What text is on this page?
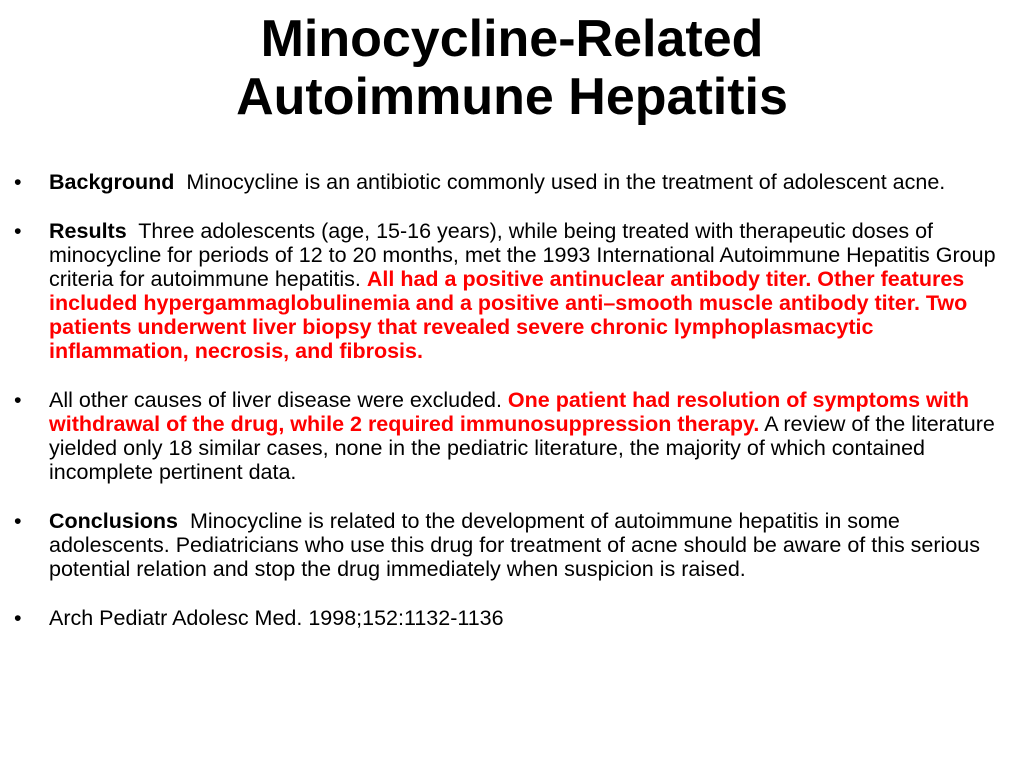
Minocycline-Related
Autoimmune Hepatitis
• Background Minocycline is an antibiotic commonly used in the treatment of adolescent acne.
• Results Three adolescents (age, 15-16 years), while being treated with therapeutic doses of minocycline for periods of 12 to 20 months, met the 1993 International Autoimmune Hepatitis Group criteria for autoimmune hepatitis. All had a positive antinuclear antibody titer. Other features included hypergammaglobulinemia and a positive anti–smooth muscle antibody titer. Two patients underwent liver biopsy that revealed severe chronic lymphoplasmacytic inflammation, necrosis, and fibrosis.
• All other causes of liver disease were excluded. One patient had resolution of symptoms with withdrawal of the drug, while 2 required immunosuppression therapy. A review of the literature yielded only 18 similar cases, none in the pediatric literature, the majority of which contained incomplete pertinent data.
• Conclusions Minocycline is related to the development of autoimmune hepatitis in some adolescents. Pediatricians who use this drug for treatment of acne should be aware of this serious potential relation and stop the drug immediately when suspicion is raised.
• Arch Pediatr Adolesc Med. 1998;152:1132-1136
